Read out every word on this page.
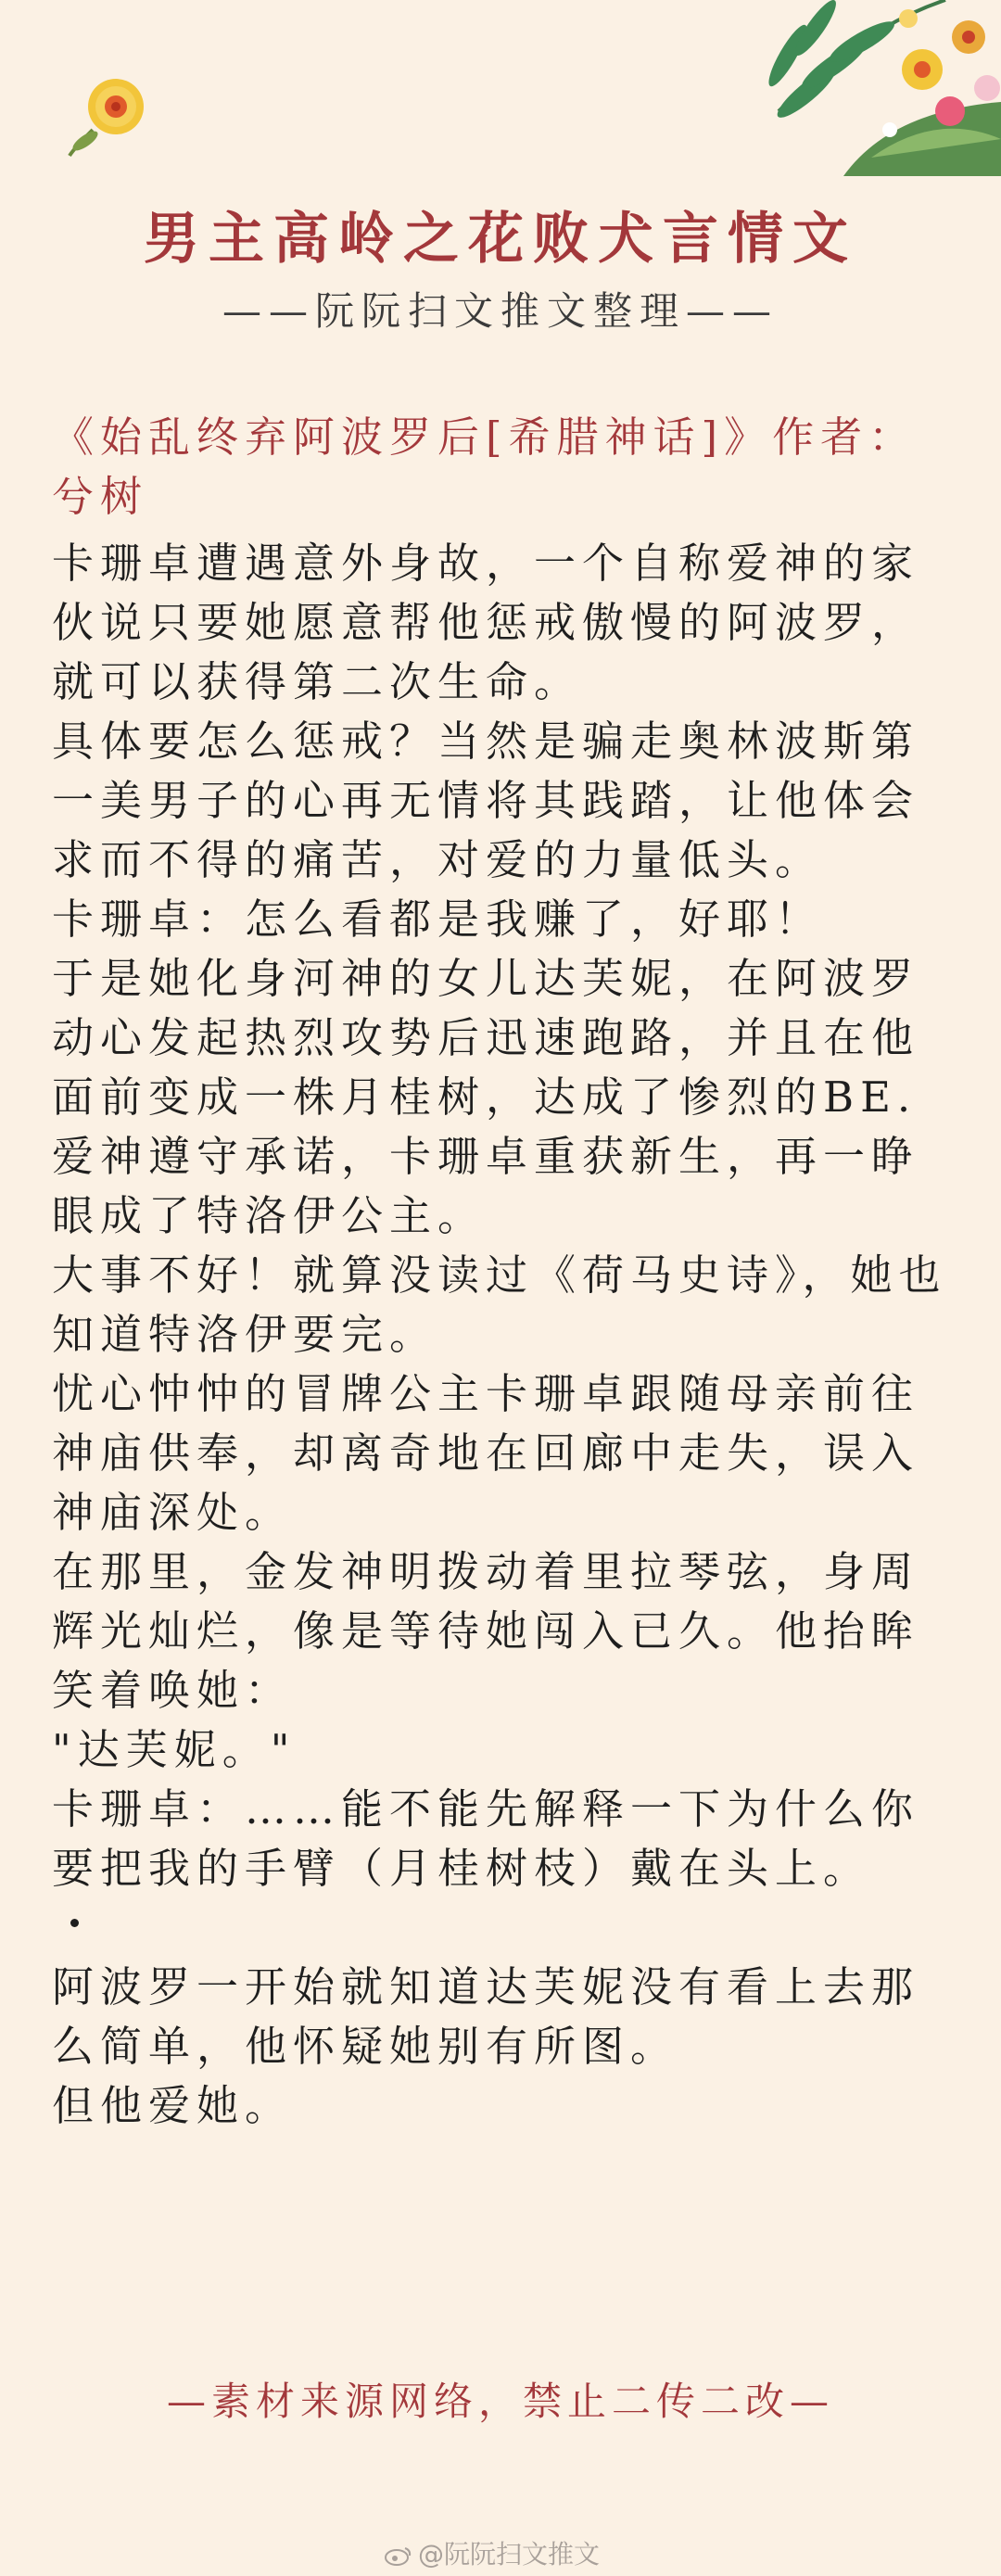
男主高岭之花败犬言情文
——阮阮扫文推文整理——

《始乱终弃阿波罗后[希腊神话]》作者：兮树

卡珊卓遭遇意外身故，一个自称爱神的家伙说只要她愿意帮他惩戒傲慢的阿波罗，就可以获得第二次生命。

具体要怎么惩戒？当然是骗走奥林波斯第一美男子的心再无情将其践踏，让他体会求而不得的痛苦，对爱的力量低头。

卡珊卓：怎么看都是我赚了，好耶！

于是她化身河神的女儿达芙妮，在阿波罗动心发起热烈攻势后迅速跑路，并且在他面前变成一株月桂树，达成了惨烈的BE.

爱神遵守承诺，卡珊卓重获新生，再一睁眼成了特洛伊公主。

大事不好！就算没读过《荷马史诗》，她也知道特洛伊要完。

忧心忡忡的冒牌公主卡珊卓跟随母亲前往神庙供奉，却离奇地在回廊中走失，误入神庙深处。

在那里，金发神明拨动着里拉琴弦，身周辉光灿烂，像是等待她闯入已久。他抬眸笑着唤她：

"达芙妮。"

卡珊卓：……能不能先解释一下为什么你要把我的手臂（月桂树枝）戴在头上。

阿波罗一开始就知道达芙妮没有看上去那么简单，他怀疑她别有所图。

但他爱她。

—素材来源网络，禁止二传二改—
@阮阮扫文推文
